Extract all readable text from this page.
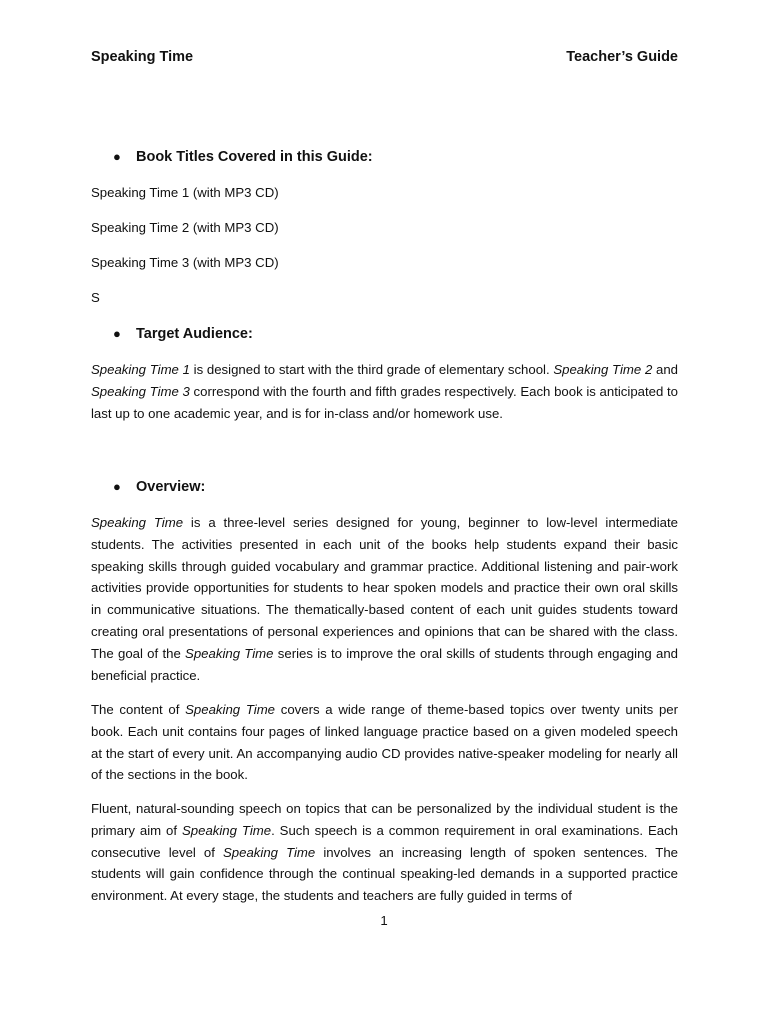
Speaking Time	Teacher’s Guide
● Book Titles Covered in this Guide:
Speaking Time 1 (with MP3 CD)
Speaking Time 2 (with MP3 CD)
Speaking Time 3 (with MP3 CD)
S
● Target Audience:
Speaking Time 1 is designed to start with the third grade of elementary school. Speaking Time 2 and Speaking Time 3 correspond with the fourth and fifth grades respectively. Each book is anticipated to last up to one academic year, and is for in-class and/or homework use.
● Overview:
Speaking Time is a three-level series designed for young, beginner to low-level intermediate students. The activities presented in each unit of the books help students expand their basic speaking skills through guided vocabulary and grammar practice. Additional listening and pair-work activities provide opportunities for students to hear spoken models and practice their own oral skills in communicative situations. The thematically-based content of each unit guides students toward creating oral presentations of personal experiences and opinions that can be shared with the class. The goal of the Speaking Time series is to improve the oral skills of students through engaging and beneficial practice.
The content of Speaking Time covers a wide range of theme-based topics over twenty units per book. Each unit contains four pages of linked language practice based on a given modeled speech at the start of every unit. An accompanying audio CD provides native-speaker modeling for nearly all of the sections in the book.
Fluent, natural-sounding speech on topics that can be personalized by the individual student is the primary aim of Speaking Time. Such speech is a common requirement in oral examinations. Each consecutive level of Speaking Time involves an increasing length of spoken sentences. The students will gain confidence through the continual speaking-led demands in a supported practice environment. At every stage, the students and teachers are fully guided in terms of
1
